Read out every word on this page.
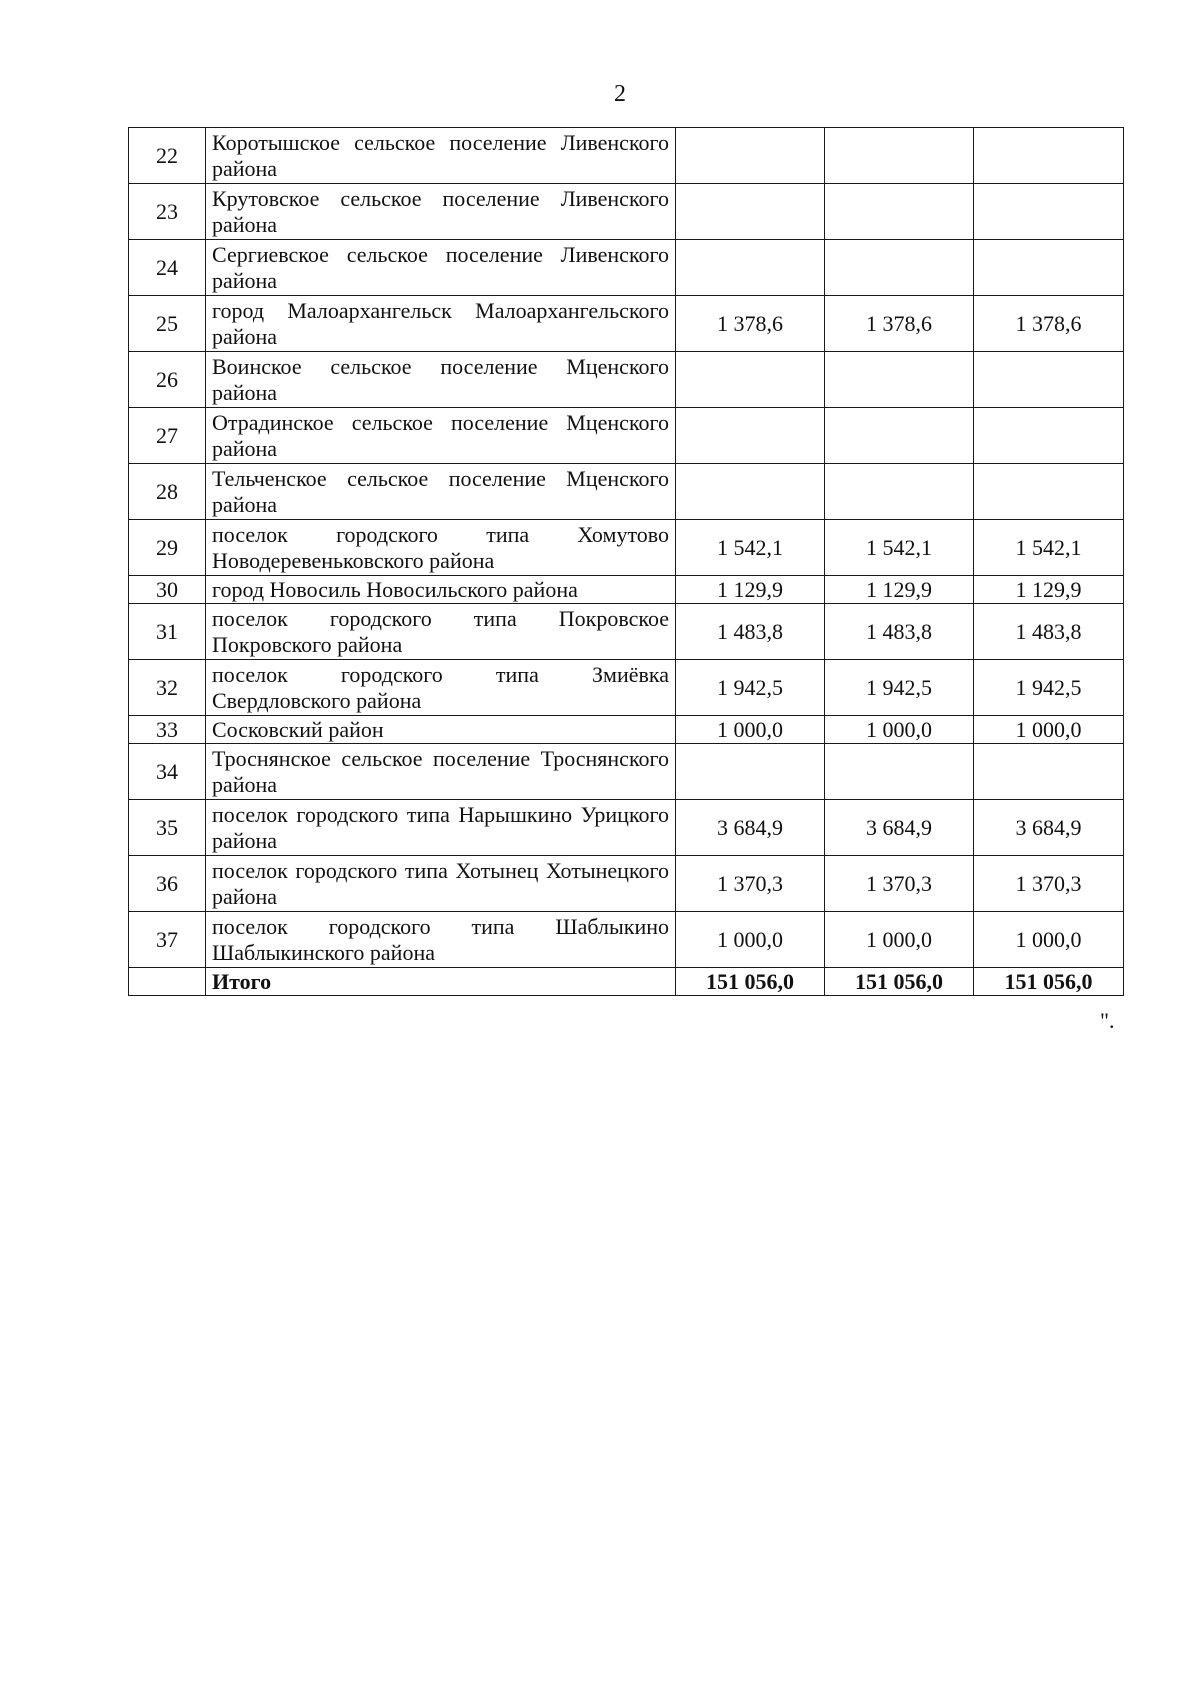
2
22	Коротышское сельское поселение Ливенского района			
23	Крутовское сельское поселение Ливенского района			
24	Сергиевское сельское поселение Ливенского района			
25	город Малоархангельск Малоархангельского района	1 378,6	1 378,6	1 378,6
26	Воинское сельское поселение Мценского района			
27	Отрадинское сельское поселение Мценского района			
28	Тельченское сельское поселение Мценского района			
29	поселок городского типа Хомутово Новодеревеньковского района	1 542,1	1 542,1	1 542,1
30	город Новосиль Новосильского района	1 129,9	1 129,9	1 129,9
31	поселок городского типа Покровское Покровского района	1 483,8	1 483,8	1 483,8
32	поселок городского типа Змиёвка Свердловского района	1 942,5	1 942,5	1 942,5
33	Сосковский район	1 000,0	1 000,0	1 000,0
34	Троснянское сельское поселение Троснянского района			
35	поселок городского типа Нарышкино Урицкого района	3 684,9	3 684,9	3 684,9
36	поселок городского типа Хотынец Хотынецкого района	1 370,3	1 370,3	1 370,3
37	поселок городского типа Шаблыкино Шаблыкинского района	1 000,0	1 000,0	1 000,0
	Итого	151 056,0	151 056,0	151 056,0
".
